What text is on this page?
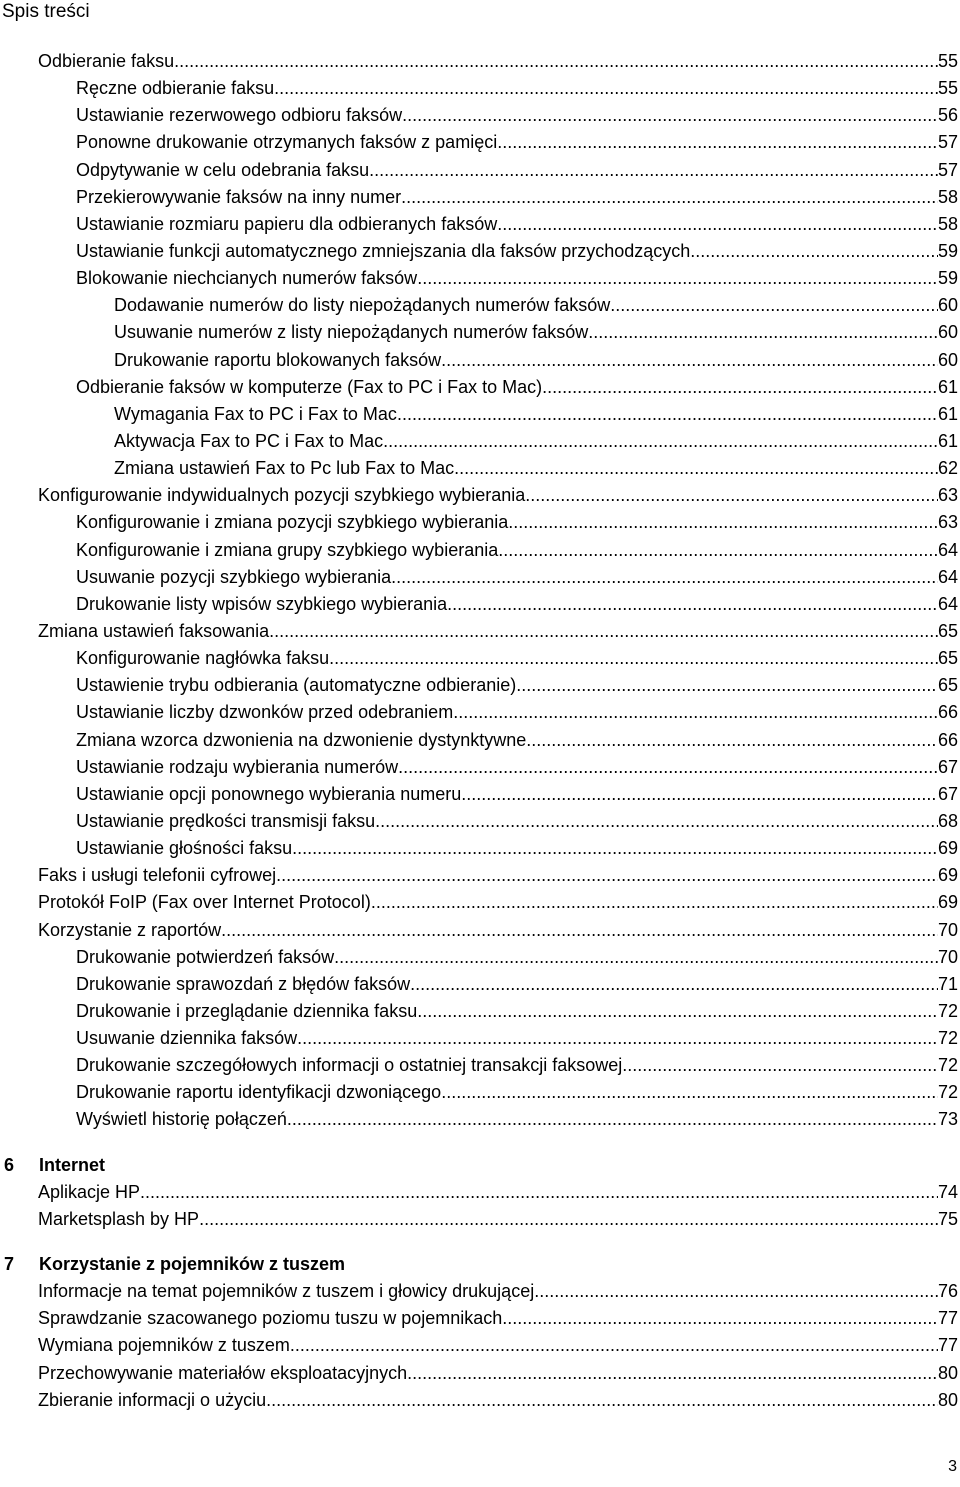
Spis treści
Odbieranie faksu .....	55
Ręczne odbieranie faksu .....	55
Ustawianie rezerwowego odbioru faksów .....	56
Ponowne drukowanie otrzymanych faksów z pamięci .....	57
Odpytywanie w celu odebrania faksu .....	57
Przekierowywanie faksów na inny numer .....	58
Ustawianie rozmiaru papieru dla odbieranych faksów .....	58
Ustawianie funkcji automatycznego zmniejszania dla faksów przychodzących .....	59
Blokowanie niechcianych numerów faksów .....	59
Dodawanie numerów do listy niepożądanych numerów faksów .....	60
Usuwanie numerów z listy niepożądanych numerów faksów .....	60
Drukowanie raportu blokowanych faksów .....	60
Odbieranie faksów w komputerze (Fax to PC i Fax to Mac) .....	61
Wymagania Fax to PC i Fax to Mac .....	61
Aktywacja Fax to PC i Fax to Mac .....	61
Zmiana ustawień Fax to Pc lub Fax to Mac .....	62
Konfigurowanie indywidualnych pozycji szybkiego wybierania .....	63
Konfigurowanie i zmiana pozycji szybkiego wybierania .....	63
Konfigurowanie i zmiana grupy szybkiego wybierania .....	64
Usuwanie pozycji szybkiego wybierania .....	64
Drukowanie listy wpisów szybkiego wybierania .....	64
Zmiana ustawień faksowania .....	65
Konfigurowanie nagłówka faksu .....	65
Ustawienie trybu odbierania (automatyczne odbieranie) .....	65
Ustawianie liczby dzwonków przed odebraniem .....	66
Zmiana wzorca dzwonienia na dzwonienie dystynktywne .....	66
Ustawianie rodzaju wybierania numerów .....	67
Ustawianie opcji ponownego wybierania numeru .....	67
Ustawianie prędkości transmisji faksu .....	68
Ustawianie głośności faksu .....	69
Faks i usługi telefonii cyfrowej .....	69
Protokół FoIP (Fax over Internet Protocol) .....	69
Korzystanie z raportów .....	70
Drukowanie potwierdzeń faksów .....	70
Drukowanie sprawozdań z błędów faksów .....	71
Drukowanie i przeglądanie dziennika faksu .....	72
Usuwanie dziennika faksów .....	72
Drukowanie szczegółowych informacji o ostatniej transakcji faksowej .....	72
Drukowanie raportu identyfikacji dzwoniącego .....	72
Wyświetl historię połączeń .....	73
6 Internet
Aplikacje HP .....	74
Marketsplash by HP .....	75
7 Korzystanie z pojemników z tuszem
Informacje na temat pojemników z tuszem i głowicy drukującej .....	76
Sprawdzanie szacowanego poziomu tuszu w pojemnikach .....	77
Wymiana pojemników z tuszem .....	77
Przechowywanie materiałów eksploatacyjnych .....	80
Zbieranie informacji o użyciu .....	80
3
